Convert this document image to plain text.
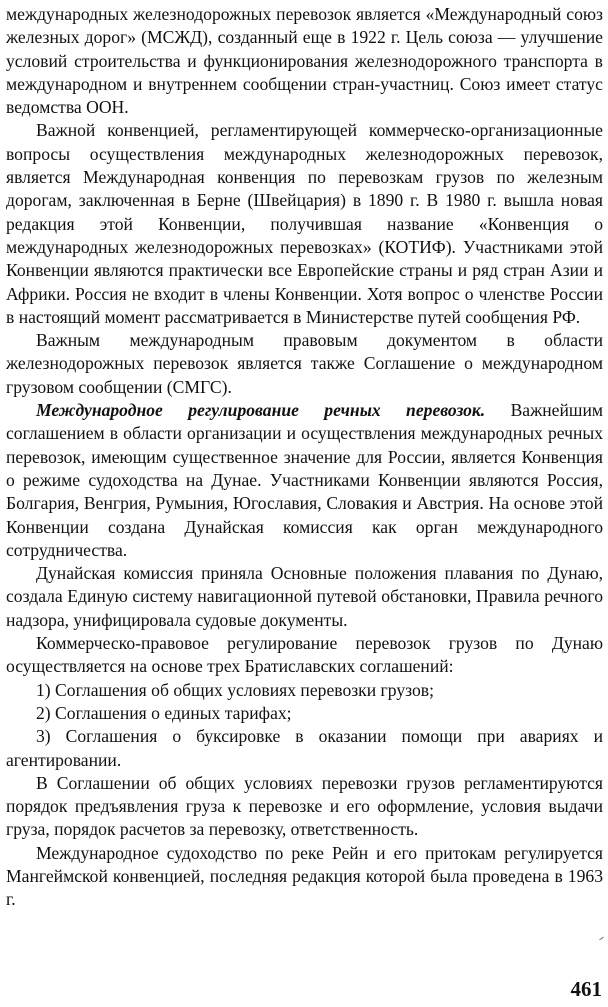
международных железнодорожных перевозок является «Международный союз железных дорог» (МСЖД), созданный еще в 1922 г. Цель союза — улучшение условий строительства и функционирования железнодорожного транспорта в международном и внутреннем сообщении стран-участниц. Союз имеет статус ведомства ООН.

Важной конвенцией, регламентирующей коммерческо-организационные вопросы осуществления международных железнодорожных перевозок, является Международная конвенция по перевозкам грузов по железным дорогам, заключенная в Берне (Швейцария) в 1890 г. В 1980 г. вышла новая редакция этой Конвенции, получившая название «Конвенция о международных железнодорожных перевозках» (КОТИФ). Участниками этой Конвенции являются практически все Европейские страны и ряд стран Азии и Африки. Россия не входит в члены Конвенции. Хотя вопрос о членстве России в настоящий момент рассматривается в Министерстве путей сообщения РФ.

Важным международным правовым документом в области железнодорожных перевозок является также Соглашение о международном грузовом сообщении (СМГС).

Международное регулирование речных перевозок. Важнейшим соглашением в области организации и осуществления международных речных перевозок, имеющим существенное значение для России, является Конвенция о режиме судоходства на Дунае. Участниками Конвенции являются Россия, Болгария, Венгрия, Румыния, Югославия, Словакия и Австрия. На основе этой Конвенции создана Дунайская комиссия как орган международного сотрудничества.

Дунайская комиссия приняла Основные положения плавания по Дунаю, создала Единую систему навигационной путевой обстановки, Правила речного надзора, унифицировала судовые документы.

Коммерческо-правовое регулирование перевозок грузов по Дунаю осуществляется на основе трех Братиславских соглашений:

1) Соглашения об общих условиях перевозки грузов;

2) Соглашения о единых тарифах;

3) Соглашения о буксировке в оказании помощи при авариях и агентировании.

В Соглашении об общих условиях перевозки грузов регламентируются порядок предъявления груза к перевозке и его оформление, условия выдачи груза, порядок расчетов за перевозку, ответственность.

Международное судоходство по реке Рейн и его притокам регулируется Мангеймской конвенцией, последняя редакция которой была проведена в 1963 г.

461
